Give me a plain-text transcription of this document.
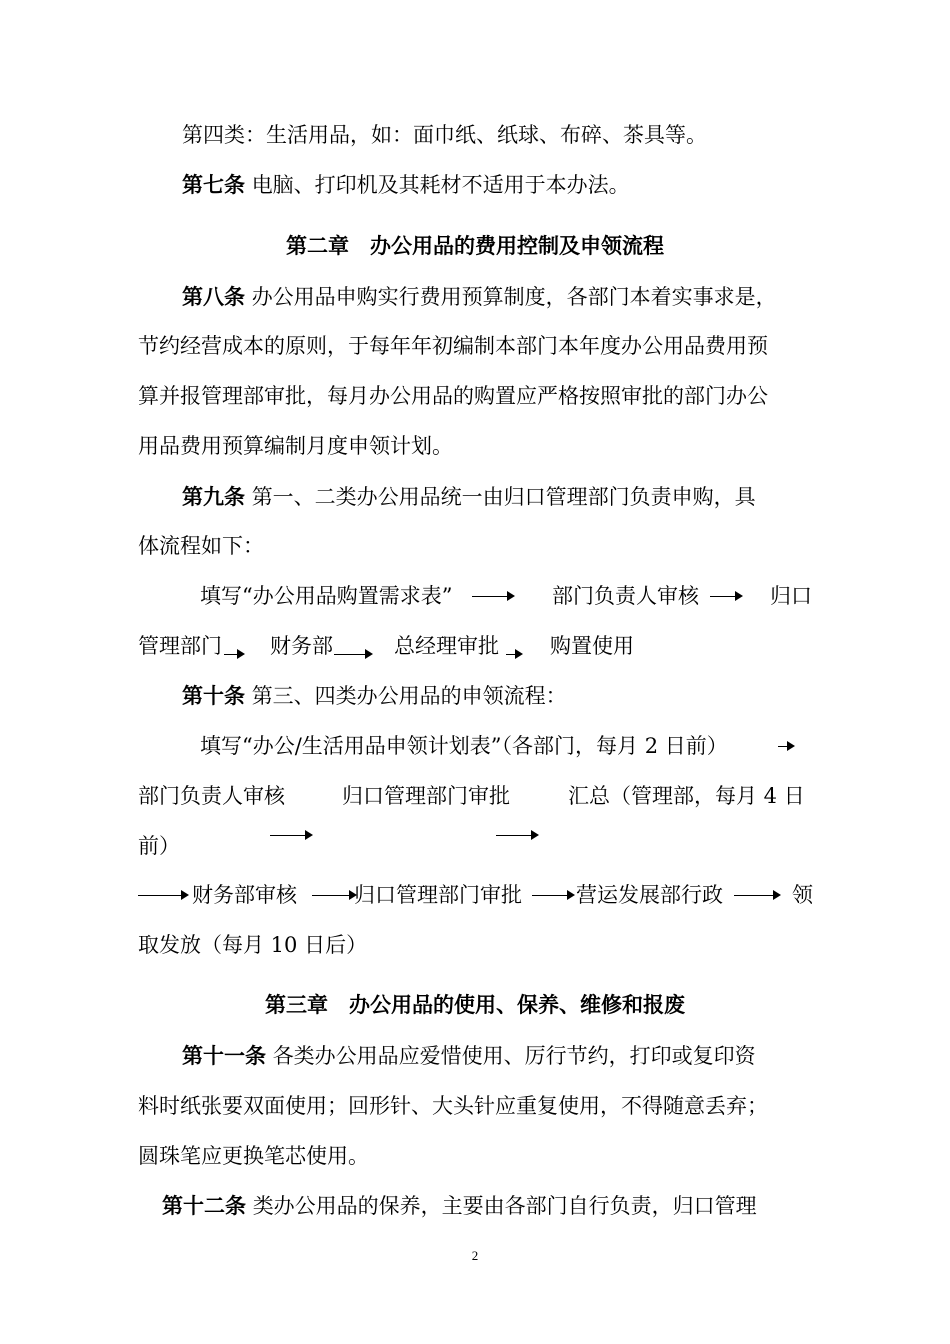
第四类：生活用品，如：面巾纸、纸球、布碎、茶具等。
第七条 电脑、打印机及其耗材不适用于本办法。
第二章　办公用品的费用控制及申领流程
第八条 办公用品申购实行费用预算制度，各部门本着实事求是，
节约经营成本的原则，于每年年初编制本部门本年度办公用品费用预
算并报管理部审批，每月办公用品的购置应严格按照审批的部门办公
用品费用预算编制月度申领计划。
第九条 第一、二类办公用品统一由归口管理部门负责申购，具
体流程如下：
填写“办公用品购置需求表”	部门负责人审核	归口
管理部门 财务部	总经理审批 购置使用
第十条 第三、四类办公用品的申领流程：
填写“办公/生活用品申领计划表”（各部门，每月 2 日前）
部门负责人审核	归口管理部门审批	汇总（管理部，每月 4 日
前）
财务部审核	归口管理部门审批	营运发展部行政	领
取发放（每月 10 日后）
第三章　办公用品的使用、保养、维修和报废
第十一条 各类办公用品应爱惜使用、厉行节约，打印或复印资
料时纸张要双面使用；回形针、大头针应重复使用，不得随意丢弃；
圆珠笔应更换笔芯使用。
第十二条 类办公用品的保养，主要由各部门自行负责，归口管理
2
